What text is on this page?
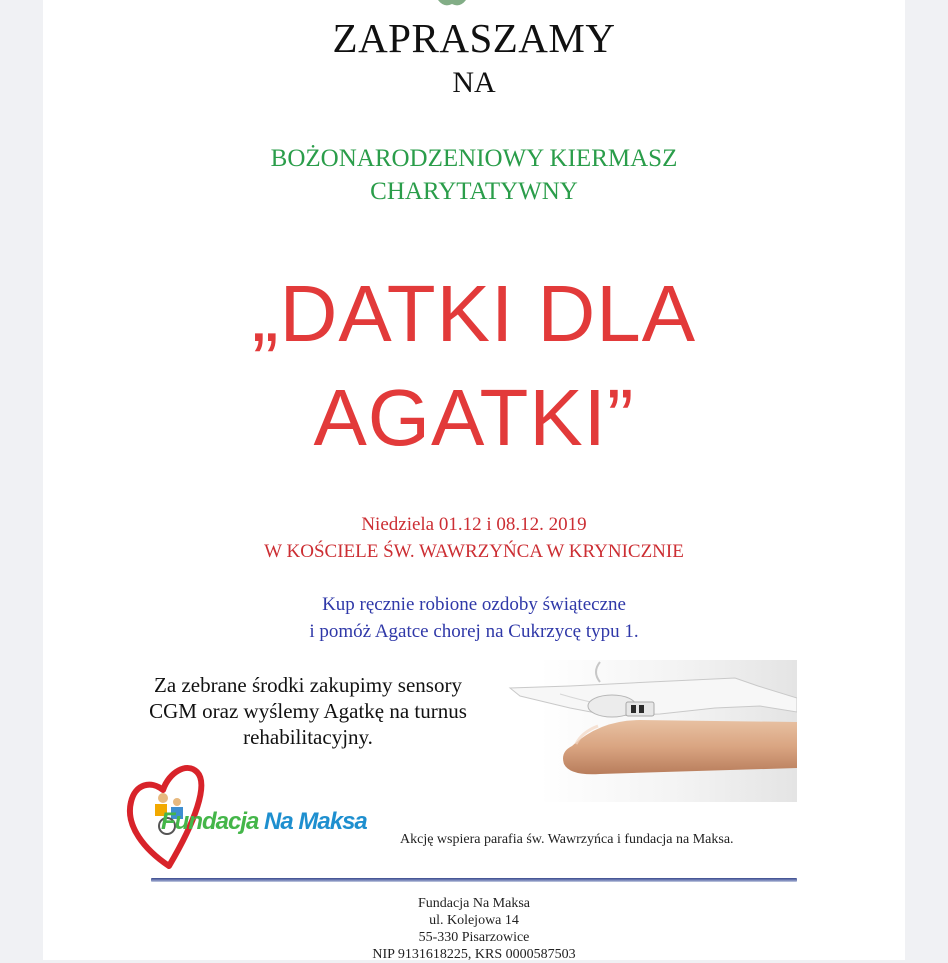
ZAPRASZAMY
NA
BOŻONARODZENIOWY KIERMASZ
CHARYTATYWNY
„DATKI DLA
AGATKI”
Niedziela 01.12 i 08.12. 2019
W KOŚCIELE ŚW. WAWRZYŃCA W KRYNICZNIE
Kup ręcznie robione ozdoby świąteczne
i pomóż Agatce chorej na Cukrzycę typu 1.
Za zebrane środki zakupimy sensory
CGM oraz wyślemy Agatkę na turnus
rehabilitacyjny.
Fundacja Na Maksa
Akcję wspiera parafia św. Wawrzyńca i fundacja na Maksa.
Fundacja Na Maksa
ul. Kolejowa 14
55-330 Pisarzowice
NIP 9131618225, KRS 0000587503
